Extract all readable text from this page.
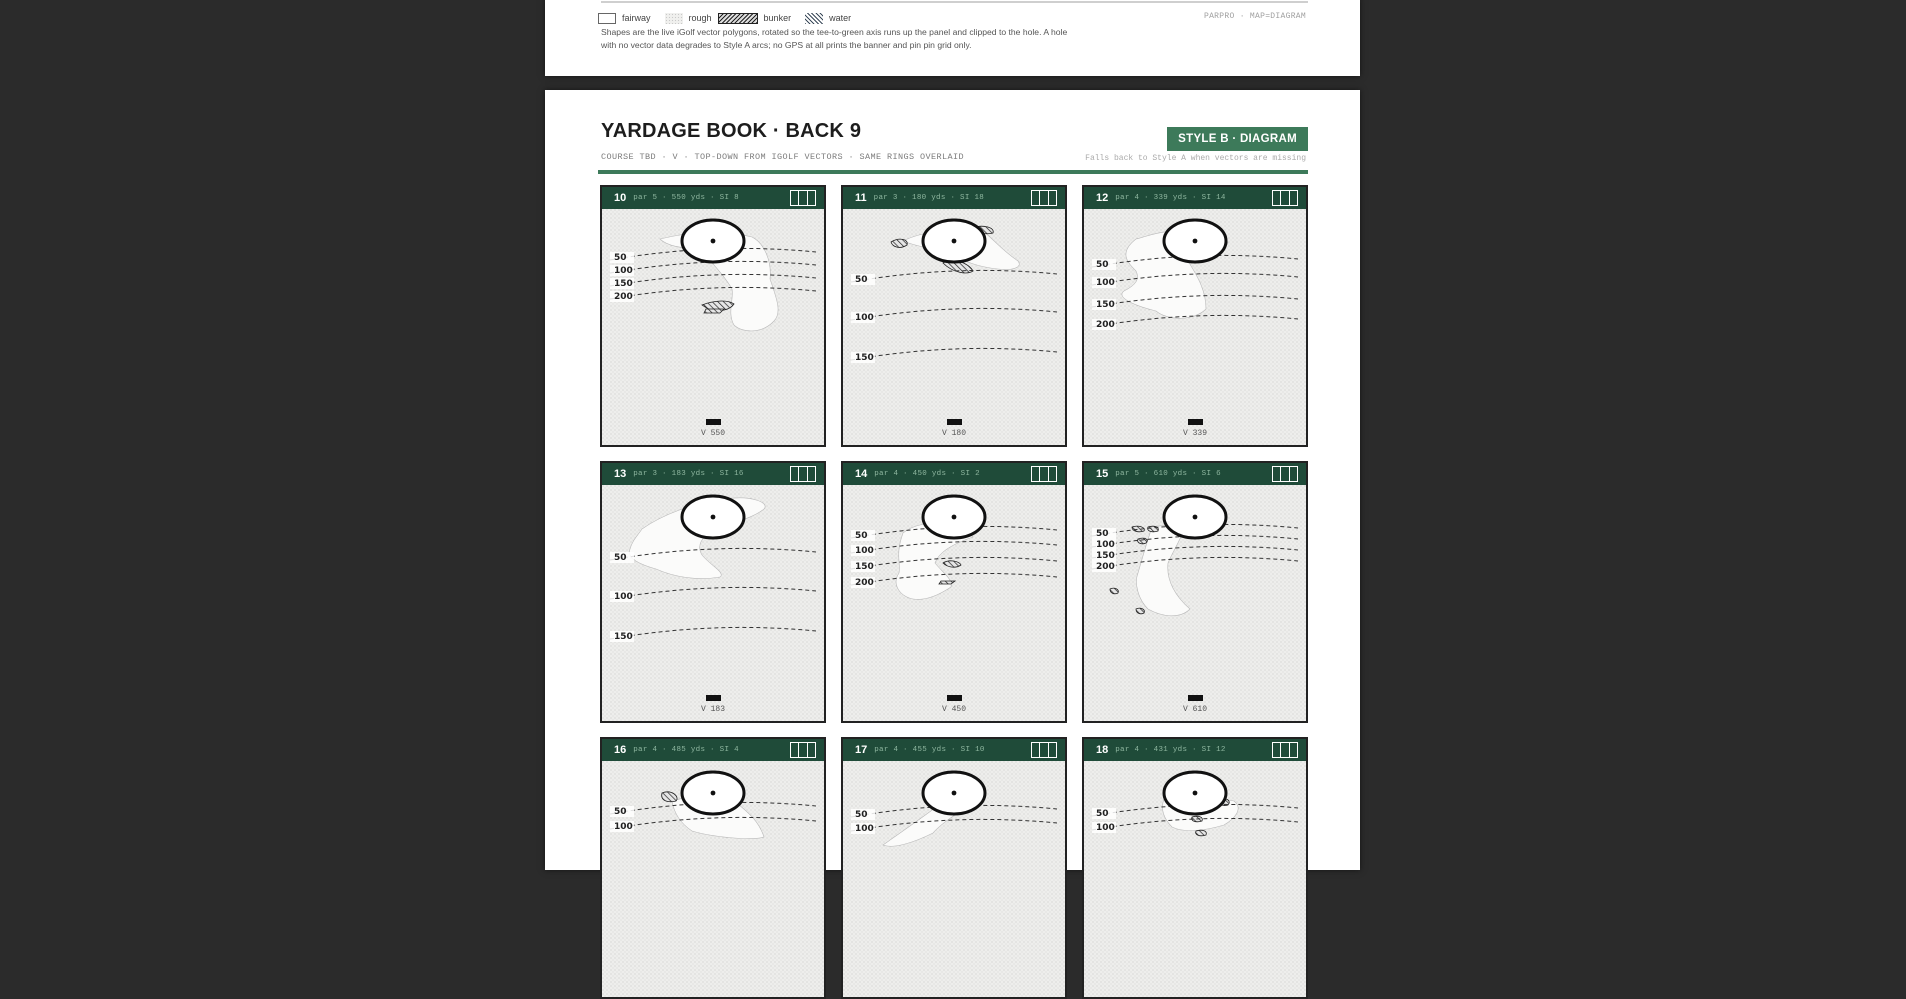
fairway	rough	bunker	water	PARPRO · MAP=DIAGRAM
Shapes are the live iGolf vector polygons, rotated so the tee-to-green axis runs up the panel and clipped to the hole. A hole with no vector data degrades to Style A arcs; no GPS at all prints the banner and pin pin grid only.
YARDAGE BOOK · BACK 9
COURSE TBD · V · TOP-DOWN FROM IGOLF VECTORS · SAME RINGS OVERLAID
STYLE B · DIAGRAM
Falls back to Style A when vectors are missing
10 par 5 · 550 yds · SI 8
50
100
150
200
V 550
11 par 3 · 180 yds · SI 18
50
100
150
V 180
12 par 4 · 339 yds · SI 14
50
100
150
200
V 339
13 par 3 · 183 yds · SI 16
50
100
150
V 183
14 par 4 · 450 yds · SI 2
50
100
150
200
V 450
15 par 5 · 610 yds · SI 6
50
100
150
200
V 610
16 par 4 · 485 yds · SI 4
50
100
17 par 4 · 455 yds · SI 10
50
100
18 par 4 · 431 yds · SI 12
50
100
